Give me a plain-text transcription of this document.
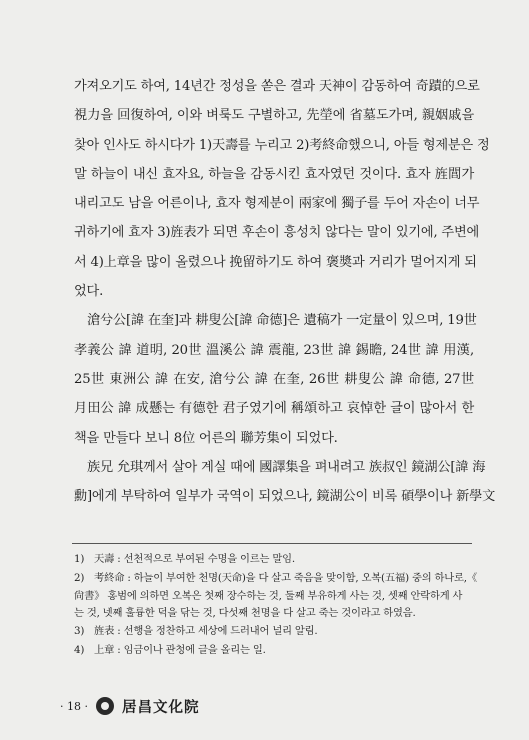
가져오기도 하여, 14년간 정성을 쏟은 결과 天神이 감동하여 奇蹟的으로
視力을 回復하여, 이와 벼룩도 구별하고, 先塋에 省墓도가며, 親姻戚을
찾아 인사도 하시다가 1)天壽를 누리고 2)考終命했으니, 아들 형제분은 정
말 하늘이 내신 효자요, 하늘을 감동시킨 효자였던 것이다. 효자 旌閭가
내리고도 남을 어른이나, 효자 형제분이 兩家에 獨子를 두어 자손이 너무
귀하기에 효자 3)旌表가 되면 후손이 흥성치 않다는 말이 있기에, 주변에
서 4)上章을 많이 올렸으나 挽留하기도 하여 褒奬과 거리가 멀어지게 되
었다.
滄兮公[諱 在奎]과 耕叟公[諱 命德]은 遺稿가 一定量이 있으며, 19世
孝義公 諱 道明, 20世 溫溪公 諱 震龍, 23世 諱 錫瞻, 24世 諱 用漢,
25世 東洲公 諱 在安, 滄兮公 諱 在奎, 26世 耕叟公 諱 命德, 27世
月田公 諱 成懸는 有德한 君子였기에 稱頌하고 哀悼한 글이 많아서 한
책을 만들다 보니 8位 어른의 聯芳集이 되었다.
族兄 允琪께서 살아 계실 때에 國譯集을 펴내려고 族叔인 鏡湖公[諱 海
勳]에게 부탁하여 일부가 국역이 되었으나, 鏡湖公이 비록 碩學이나 新學文
1) 天壽 : 선천적으로 부여된 수명을 이르는 말임.
2) 考終命 : 하늘이 부여한 천명(天命)을 다 살고 죽음을 맞이함, 오복(五福) 중의 하나로,《
尙書》 홍범에 의하면 오복은 첫째 장수하는 것, 둘째 부유하게 사는 것, 셋째 안락하게 사
는 것, 넷째 훌륭한 덕을 닦는 것, 다섯째 천명을 다 살고 죽는 것이라고 하였음.
3) 旌表 : 선행을 정찬하고 세상에 드러내어 널리 알림.
4) 上章 : 임금이나 관청에 글을 올리는 일.
· 18 · 居昌文化院
